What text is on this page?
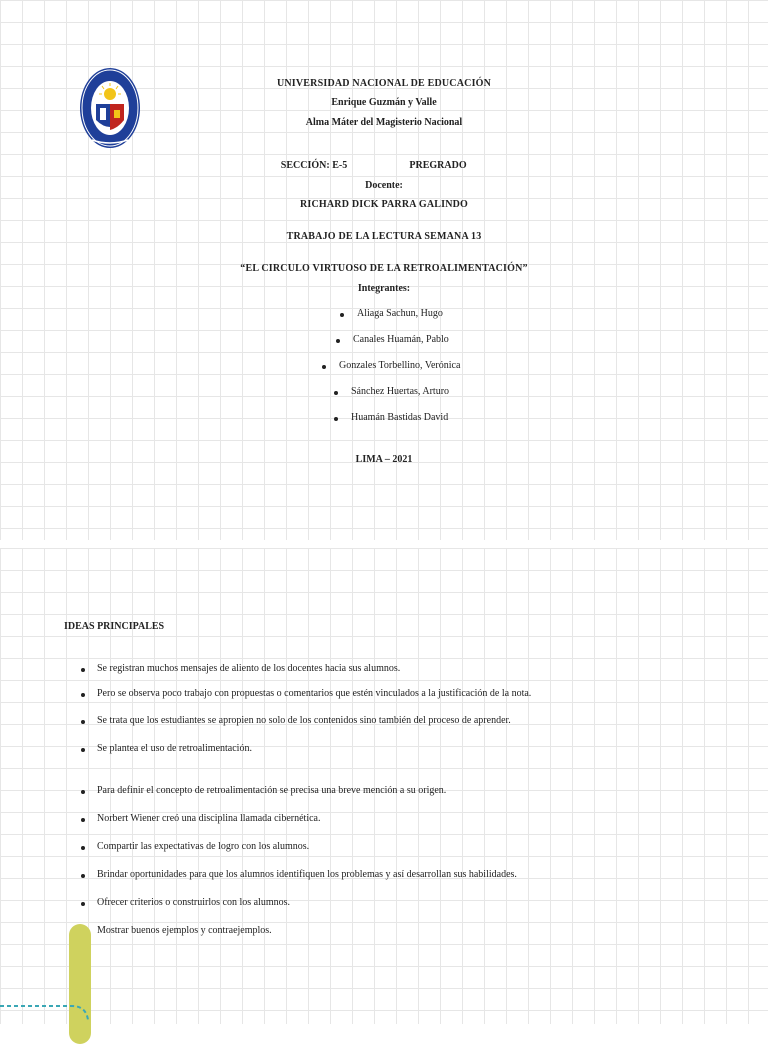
UNIVERSIDAD NACIONAL DE EDUCACIÓN
Enrique Guzmán y Valle
Alma Máter del Magisterio Nacional
SECCIÓN: E-5	PREGRADO
Docente:
RICHARD DICK PARRA GALINDO
TRABAJO DE LA LECTURA SEMANA 13
“EL CIRCULO VIRTUOSO DE LA RETROALIMENTACIÓN”
Integrantes:
Aliaga Sachun, Hugo
Canales Huamán, Pablo
Gonzales Torbellino, Verónica
Sánchez Huertas, Arturo
Huamán Bastidas David
LIMA – 2021
IDEAS PRINCIPALES
Se registran muchos mensajes de aliento de los docentes hacia sus alumnos.
Pero se observa poco trabajo con propuestas o comentarios que estén vinculados a la justificación de la nota.
Se trata que los estudiantes se apropien no solo de los contenidos sino también del proceso de aprender.
Se plantea el uso de retroalimentación.
Para definir el concepto de retroalimentación se precisa una breve mención a su origen.
Norbert Wiener creó una disciplina llamada cibernética.
Compartir las expectativas de logro con los alumnos.
Brindar oportunidades para que los alumnos identifiquen los problemas y así desarrollan sus habilidades.
Ofrecer criterios o construirlos con los alumnos.
Mostrar buenos ejemplos y contraejemplos.
